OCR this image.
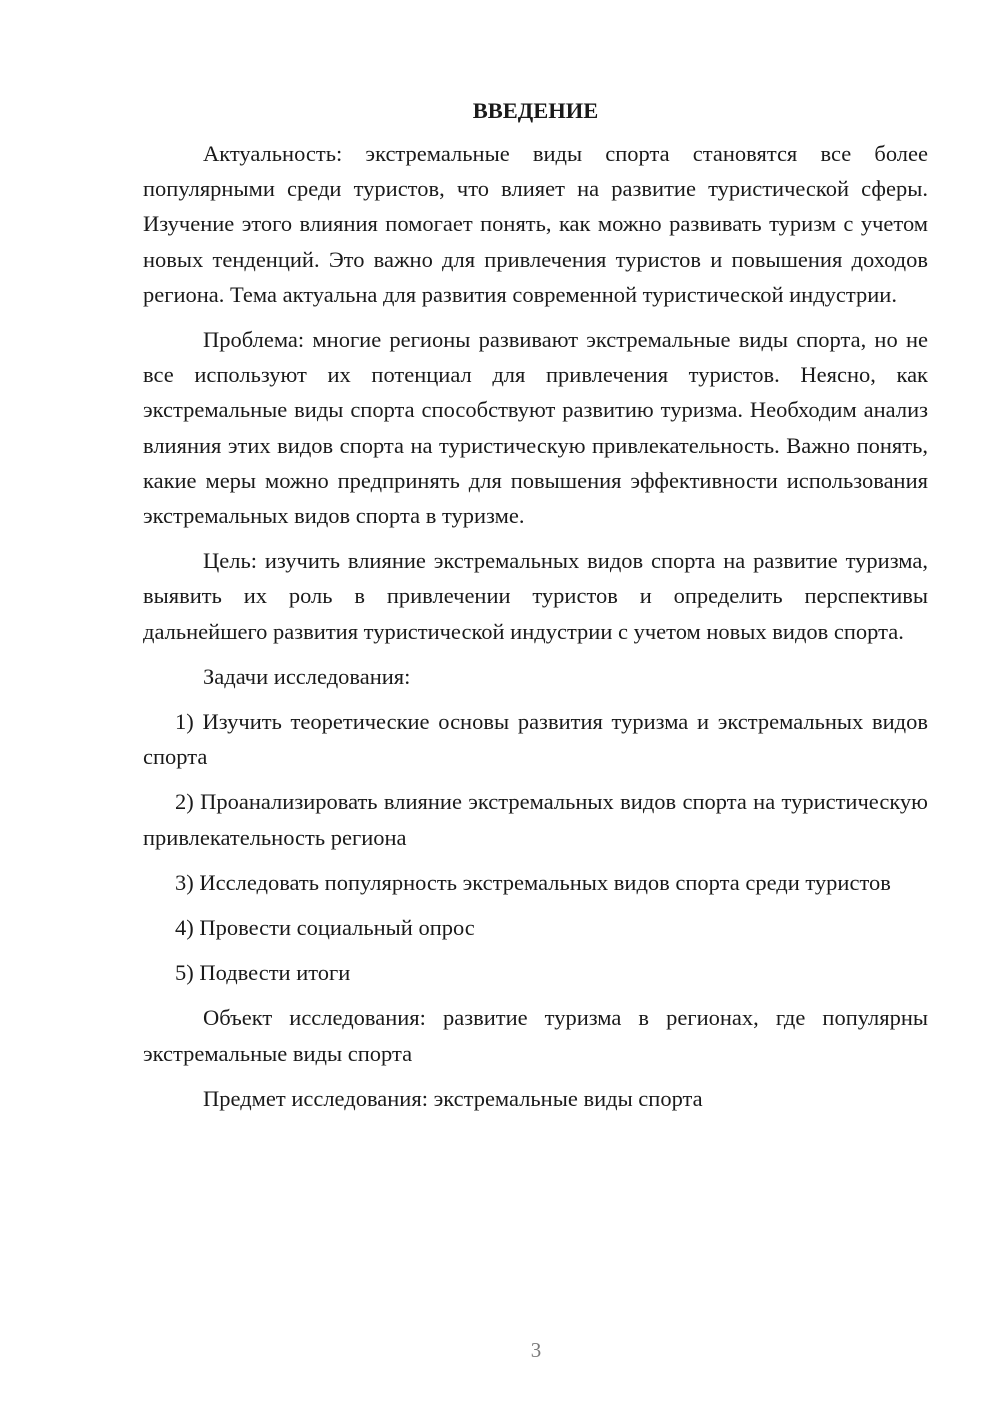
ВВЕДЕНИЕ

Актуальность: экстремальные виды спорта становятся все более популярными среди туристов, что влияет на развитие туристической сферы. Изучение этого влияния помогает понять, как можно развивать туризм с учетом новых тенденций. Это важно для привлечения туристов и повышения доходов региона. Тема актуальна для развития современной туристической индустрии.

Проблема: многие регионы развивают экстремальные виды спорта, но не все используют их потенциал для привлечения туристов. Неясно, как экстремальные виды спорта способствуют развитию туризма. Необходим анализ влияния этих видов спорта на туристическую привлекательность. Важно понять, какие меры можно предпринять для повышения эффективности использования экстремальных видов спорта в туризме.

Цель: изучить влияние экстремальных видов спорта на развитие туризма, выявить их роль в привлечении туристов и определить перспективы дальнейшего развития туристической индустрии с учетом новых видов спорта.

Задачи исследования:

1) Изучить теоретические основы развития туризма и экстремальных видов спорта

2) Проанализировать влияние экстремальных видов спорта на туристическую привлекательность региона

3) Исследовать популярность экстремальных видов спорта среди туристов

4) Провести социальный опрос

5) Подвести итоги

Объект исследования: развитие туризма в регионах, где популярны экстремальные виды спорта

Предмет исследования: экстремальные виды спорта

3
